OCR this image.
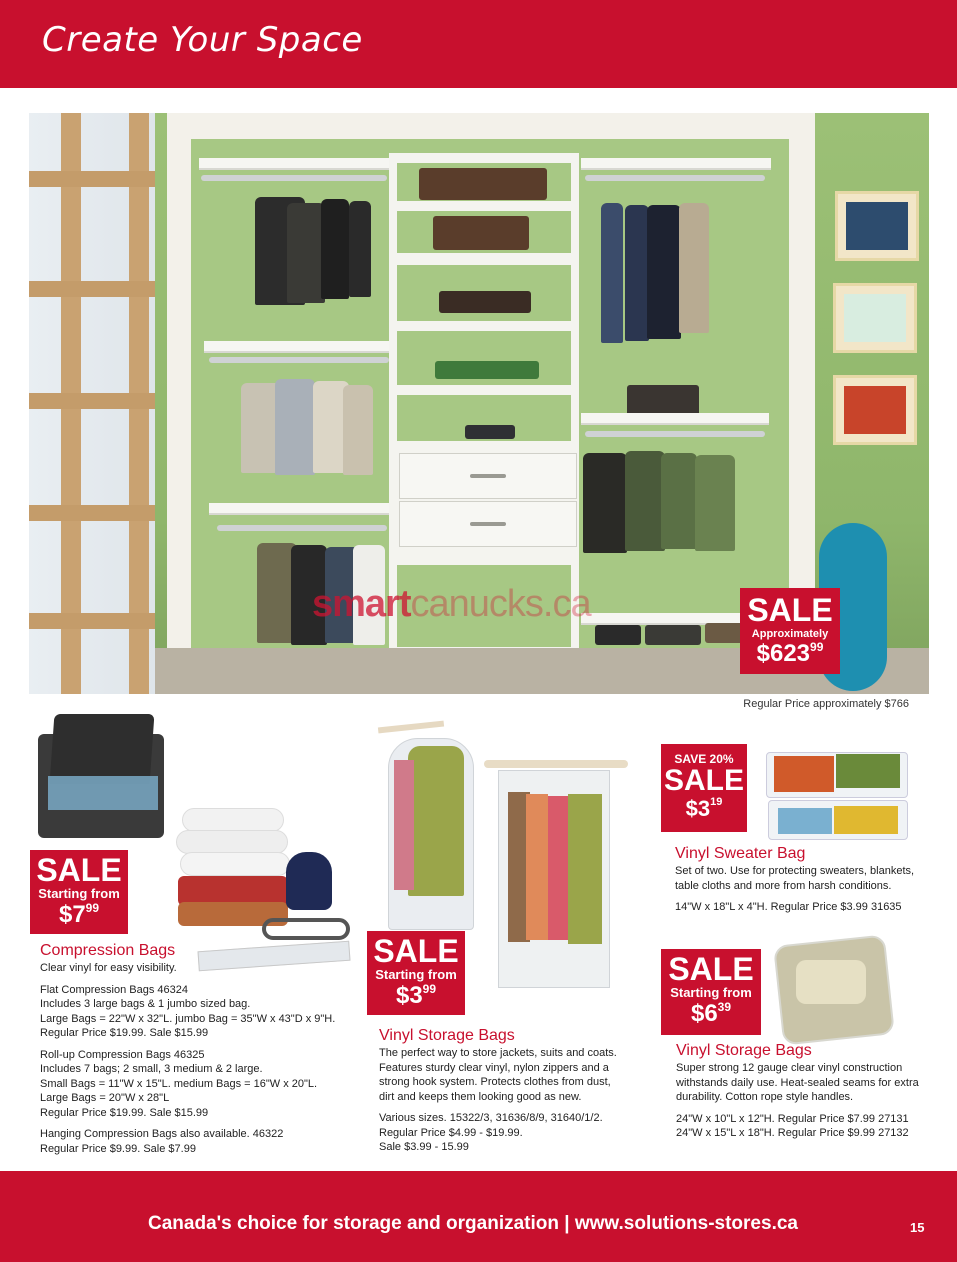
Create Your Space
smartcanucks.ca	SALE
Approximately
$\$623^{99}$
Regular Price approximately $766
SALE
Starting from
$\$7^{99}$
Compression Bags

Clear vinyl for easy visibility.

Flat Compression Bags 46324
Includes 3 large bags & 1 jumbo sized bag.
Large Bags = 22"W x 32"L. jumbo Bag = 35"W x 43"D x 9"H.
Regular Price $19.99. Sale $15.99

Roll-up Compression Bags 46325
Includes 7 bags; 2 small, 3 medium & 2 large.
Small Bags = 11"W x 15"L. medium Bags = 16"W x 20"L.
Large Bags = 20"W x 28"L
Regular Price $19.99. Sale $15.99

Hanging Compression Bags also available. 46322
Regular Price $9.99. Sale $7.99

SALE
Starting from
$\$3^{99}$
Vinyl Storage Bags

The perfect way to store jackets, suits and coats.
Features sturdy clear vinyl, nylon zippers and a
strong hook system. Protects clothes from dust,
dirt and keeps them looking good as new.

Various sizes. 15322/3, 31636/8/9, 31640/1/2.
Regular Price $4.99 - $19.99.
Sale $3.99 - 15.99

SAVE 20%
SALE
$\$3^{19}$
Vinyl Sweater Bag

Set of two. Use for protecting sweaters, blankets,
table cloths and more from harsh conditions.

14"W x 18"L x 4"H. Regular Price $3.99 31635

SALE
Starting from
$\$6^{39}$
Vinyl Storage Bags

Super strong 12 gauge clear vinyl construction
withstands daily use. Heat-sealed seams for extra
durability. Cotton rope style handles.

24"W x 10"L x 12"H. Regular Price $7.99 27131
24"W x 15"L x 18"H. Regular Price $9.99 27132

Canada's choice for storage and organization | www.solutions-stores.ca	15
